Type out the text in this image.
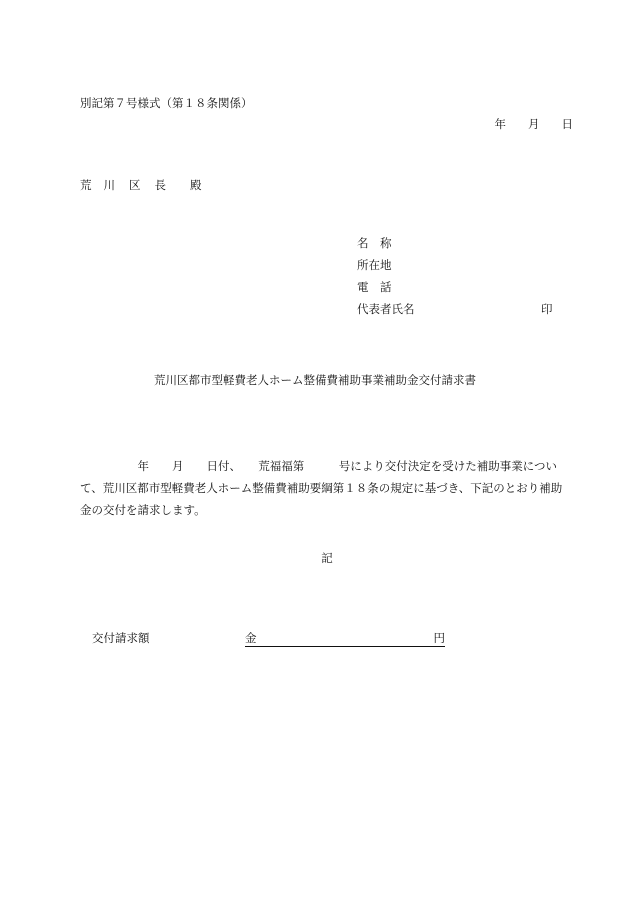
別記第７号様式（第１８条関係）
年 月 日
荒 川 区 長 殿
名　称
所在地
電　話
代表者氏名	印
荒川区都市型軽費老人ホーム整備費補助事業補助金交付請求書
　　　　　年　　月　　日付、　　荒福福第　　　号により交付決定を受けた補助事業につい
て、荒川区都市型軽費老人ホーム整備費補助要綱第１８条の規定に基づき、下記のとおり補助
金の交付を請求します。
記
交付請求額	金	円
